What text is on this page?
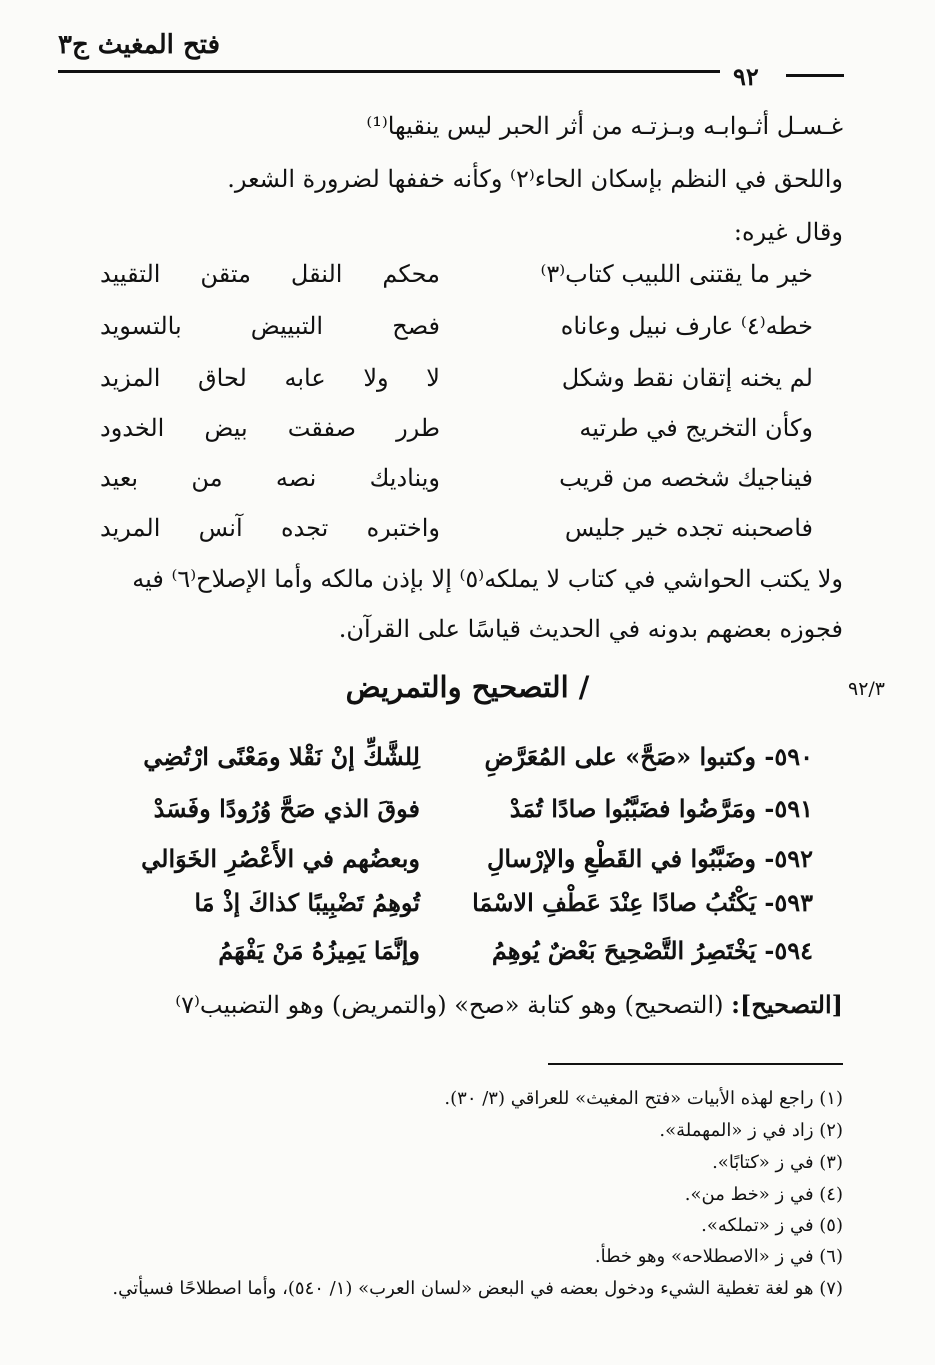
فتح المغيث ج٣
٩٢
غـسـل أثـوابـه وبـزتـه من أثر الحبر ليس ينقيها⁽¹⁾
واللحق في النظم بإسكان الحاء⁽٢⁾ وكأنه خففها لضرورة الشعر.
وقال غيره:
خير ما يقتنى اللبيب كتاب⁽٣⁾
محكم النقل متقن التقييد
خطه⁽٤⁾ عارف نبيل وعاناه
فصح التبييض بالتسويد
لم يخنه إتقان نقط وشكل
لا ولا عابه لحاق المزيد
وكأن التخريج في طرتيه
طرر صفقت بيض الخدود
فيناجيك شخصه من قريب
ويناديك نصه من بعيد
فاصحبنه تجده خير جليس
واختبره تجده آنس المريد
ولا يكتب الحواشي في كتاب لا يملكه⁽٥⁾ إلا بإذن مالكه وأما الإصلاح⁽٦⁾ فيه
فجوزه بعضهم بدونه في الحديث قياسًا على القرآن.
/ التصحيح والتمريض	٩٢/٣
٥٩٠- وكتبوا «صَحَّ» على المُعَرَّضِ
لِلشَّكِّ إنْ نَقْلا ومَعْنًى ارْتُضِي
٥٩١- ومَرَّضُوا فضَبَّبُوا صادًا تُمَدْ
فوقَ الذي صَحَّ وُرُودًا وفَسَدْ
٥٩٢- وضَبَّبُوا في القَطْعِ والإرْسالِ
وبعضُهم في الأَعْصُرِ الخَوَالي
٥٩٣- يَكْتُبُ صادًا عِنْدَ عَطْفِ الاسْمَا
تُوهِمُ تَضْبِيبًا كذاكَ إذْ مَا
٥٩٤- يَخْتَصِرُ التَّصْحِيحَ بَعْضٌ يُوهِمُ
وإنَّمَا يَمِيزُهُ مَنْ يَفْهَمُ
[التصحيح]: (التصحيح) وهو كتابة «صح» (والتمريض) وهو التضبيب⁽٧⁾
(١) راجع لهذه الأبيات «فتح المغيث» للعراقي (٣/ ٣٠).
(٢) زاد في ز «المهملة».
(٣) في ز «كتابًا».
(٤) في ز «خط من».
(٥) في ز «تملكه».
(٦) في ز «الاصطلاحه» وهو خطأ.
(٧) هو لغة تغطية الشيء ودخول بعضه في البعض «لسان العرب» (١/ ٥٤٠)، وأما اصطلاحًا فسيأتي.
